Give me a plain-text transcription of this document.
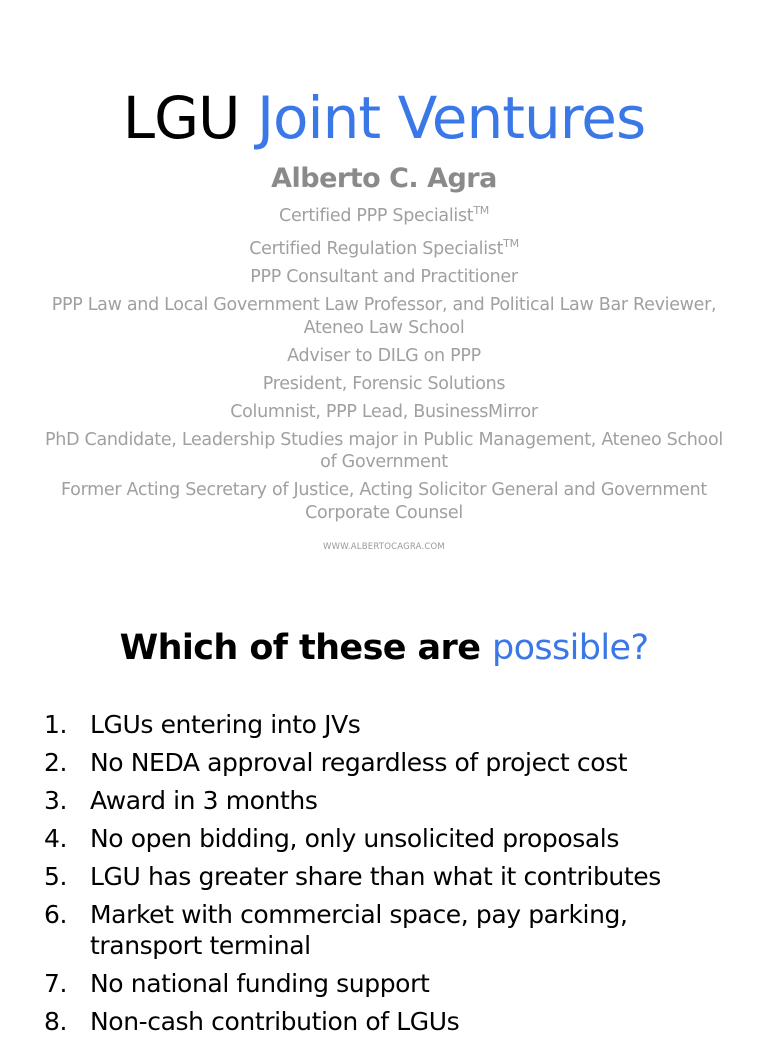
LGU Joint Ventures
Alberto C. Agra
Certified PPP Specialist™
Certified Regulation Specialist™
PPP Consultant and Practitioner
PPP Law and Local Government Law Professor, and Political Law Bar Reviewer, Ateneo Law School
Adviser to DILG on PPP
President, Forensic Solutions
Columnist, PPP Lead, BusinessMirror
PhD Candidate, Leadership Studies major in Public Management, Ateneo School of Government
Former Acting Secretary of Justice, Acting Solicitor General and Government Corporate Counsel
WWW.ALBERTOCAGRA.COM
Which of these are possible?
1. LGUs entering into JVs
2. No NEDA approval regardless of project cost
3. Award in 3 months
4. No open bidding, only unsolicited proposals
5. LGU has greater share than what it contributes
6. Market with commercial space, pay parking, transport terminal
7. No national funding support
8. Non-cash contribution of LGUs
